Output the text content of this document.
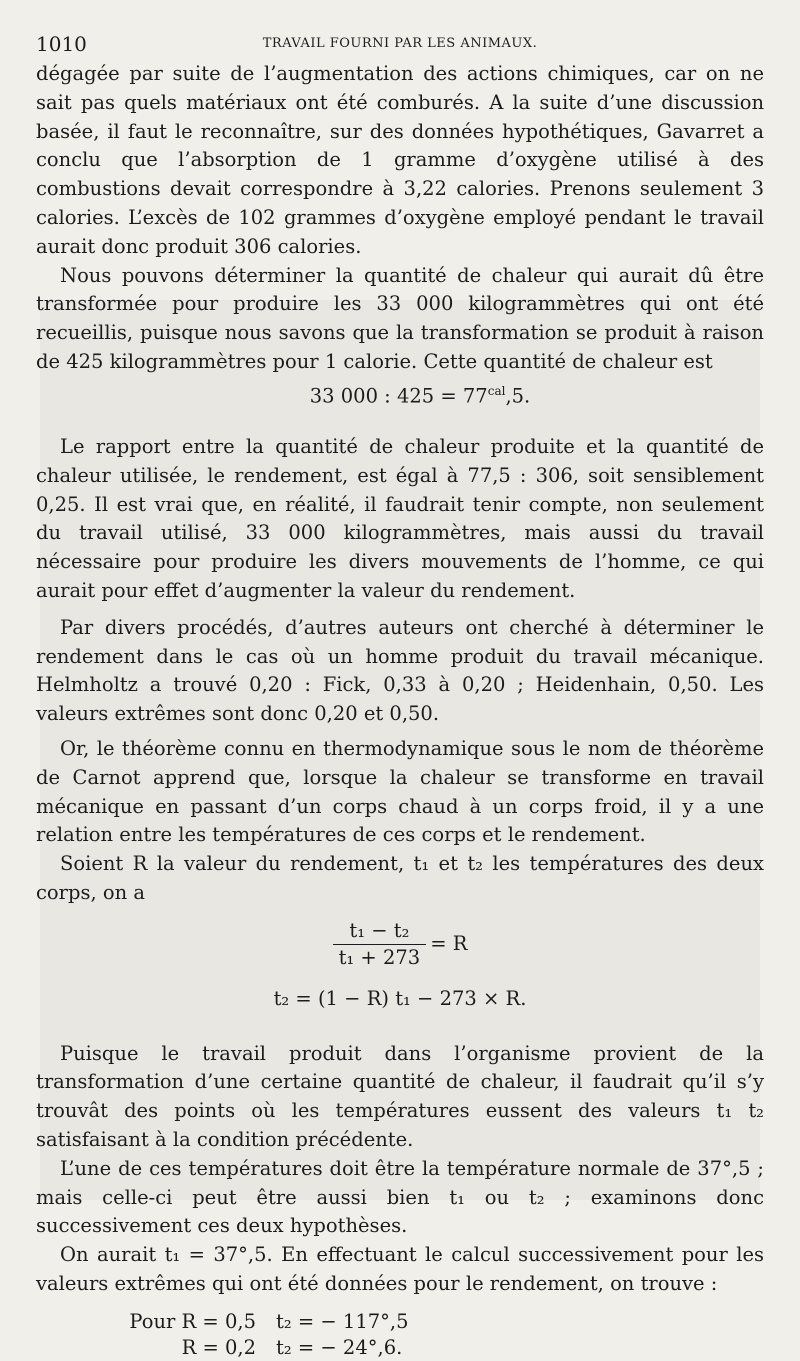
1010	TRAVAIL FOURNI PAR LES ANIMAUX.

dégagée par suite de l’augmentation des actions chimiques, car on ne sait pas quels matériaux ont été comburés. A la suite d’une discussion basée, il faut le reconnaître, sur des données hypothétiques, Gavarret a conclu que l’absorption de 1 gramme d’oxygène utilisé à des combustions devait correspondre à 3,22 calories. Prenons seulement 3 calories. L’excès de 102 grammes d’oxygène employé pendant le travail aurait donc produit 306 calories.

Nous pouvons déterminer la quantité de chaleur qui aurait dû être transformée pour produire les 33 000 kilogrammètres qui ont été recueillis, puisque nous savons que la transformation se produit à raison de 425 kilogrammètres pour 1 calorie. Cette quantité de chaleur est

33 000 : $425 = 77^{cal},5$.

Le rapport entre la quantité de chaleur produite et la quantité de chaleur utilisée, le rendement, est égal à 77,5 : 306, soit sensiblement 0,25. Il est vrai que, en réalité, il faudrait tenir compte, non seulement du travail utilisé, 33 000 kilogrammètres, mais aussi du travail nécessaire pour produire les divers mouvements de l’homme, ce qui aurait pour effet d’augmenter la valeur du rendement.

Par divers procédés, d’autres auteurs ont cherché à déterminer le rendement dans le cas où un homme produit du travail mécanique. Helmholtz a trouvé 0,20 : Fick, 0,33 à 0,20 ; Heidenhain, 0,50. Les valeurs extrêmes sont donc 0,20 et 0,50.

Or, le théorème connu en thermodynamique sous le nom de théorème de Carnot apprend que, lorsque la chaleur se transforme en travail mécanique en passant d’un corps chaud à un corps froid, il y a une relation entre les températures de ces corps et le rendement.

Soient R la valeur du rendement, t₁ et t₂ les températures des deux corps, on a

$\frac{\text{t₁ − t₂}}{\text{t₁ + 273}} = R$
t₂ = (1 − R) t₁ − 273 × R.

Puisque le travail produit dans l’organisme provient de la transformation d’une certaine quantité de chaleur, il faudrait qu’il s’y trouvât des points où les températures eussent des valeurs t₁ t₂ satisfaisant à la condition précédente.

L’une de ces températures doit être la température normale de 37°,5 ; mais celle-ci peut être aussi bien t₁ ou t₂ ; examinons donc successivement ces deux hypothèses.

On aurait t₁ = 37°,5. En effectuant le calcul successivement pour les valeurs extrêmes qui ont été données pour le rendement, on trouve :

Pour R = 0,5 t₂ = − 117°,5
R = 0,2 t₂ = − 24°,6.
